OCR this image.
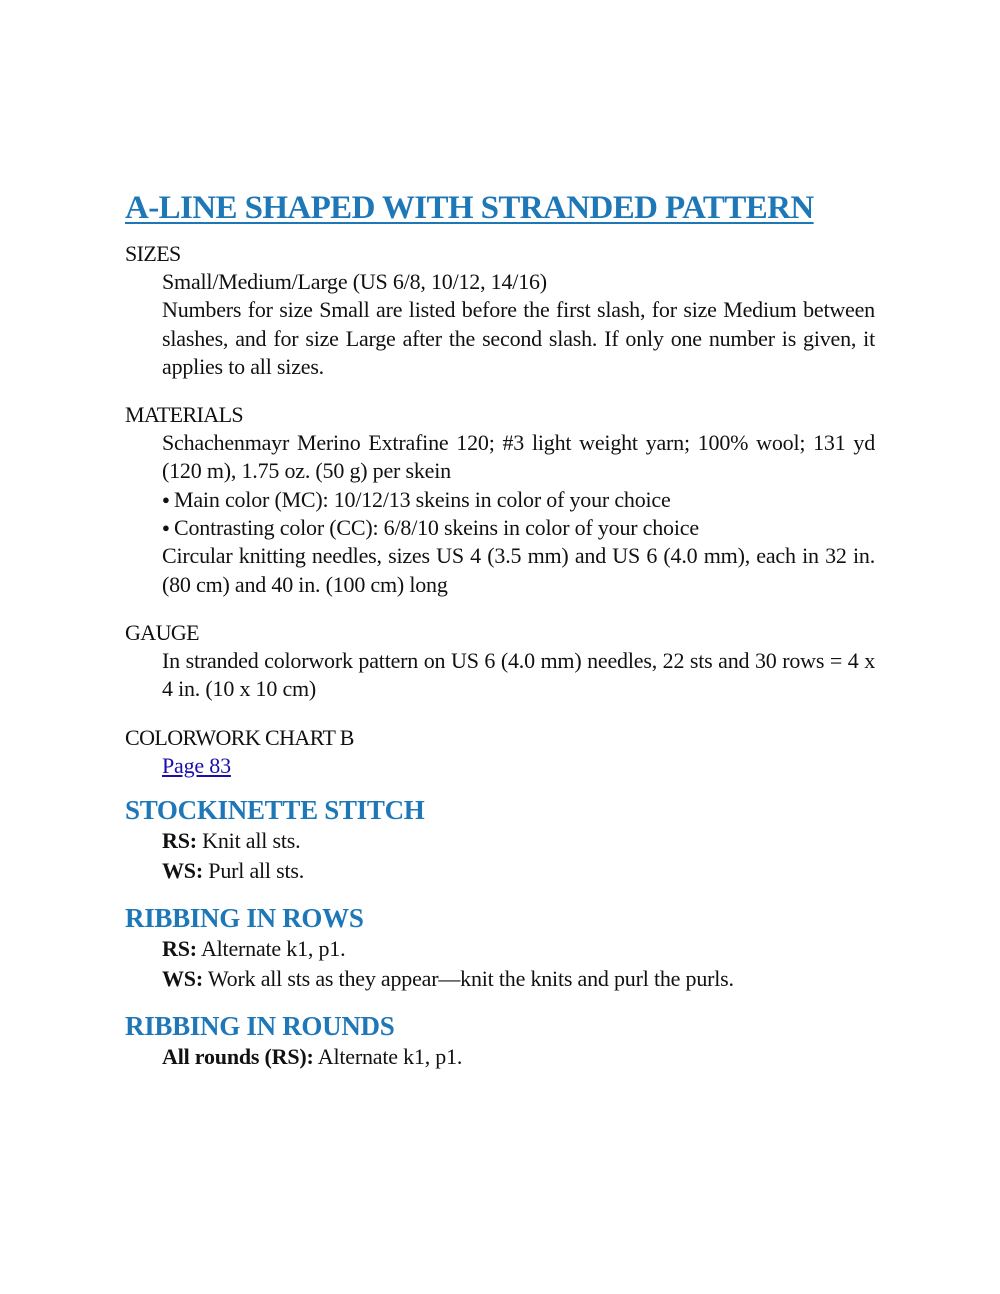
A-LINE SHAPED WITH STRANDED PATTERN

SIZES

Small/Medium/Large (US 6/8, 10/12, 14/16)

Numbers for size Small are listed before the first slash, for size Medium between slashes, and for size Large after the second slash. If only one number is given, it applies to all sizes.

MATERIALS

Schachenmayr Merino Extrafine 120; #3 light weight yarn; 100% wool; 131 yd (120 m), 1.75 oz. (50 g) per skein

● Main color (MC): 10/12/13 skeins in color of your choice
● Contrasting color (CC): 6/8/10 skeins in color of your choice

Circular knitting needles, sizes US 4 (3.5 mm) and US 6 (4.0 mm), each in 32 in. (80 cm) and 40 in. (100 cm) long

GAUGE

In stranded colorwork pattern on US 6 (4.0 mm) needles, 22 sts and 30 rows = 4 x 4 in. (10 x 10 cm)

COLORWORK CHART B

Page 83

STOCKINETTE STITCH

RS: Knit all sts.

WS: Purl all sts.

RIBBING IN ROWS

RS: Alternate k1, p1.

WS: Work all sts as they appear—knit the knits and purl the purls.

RIBBING IN ROUNDS

All rounds (RS): Alternate k1, p1.
